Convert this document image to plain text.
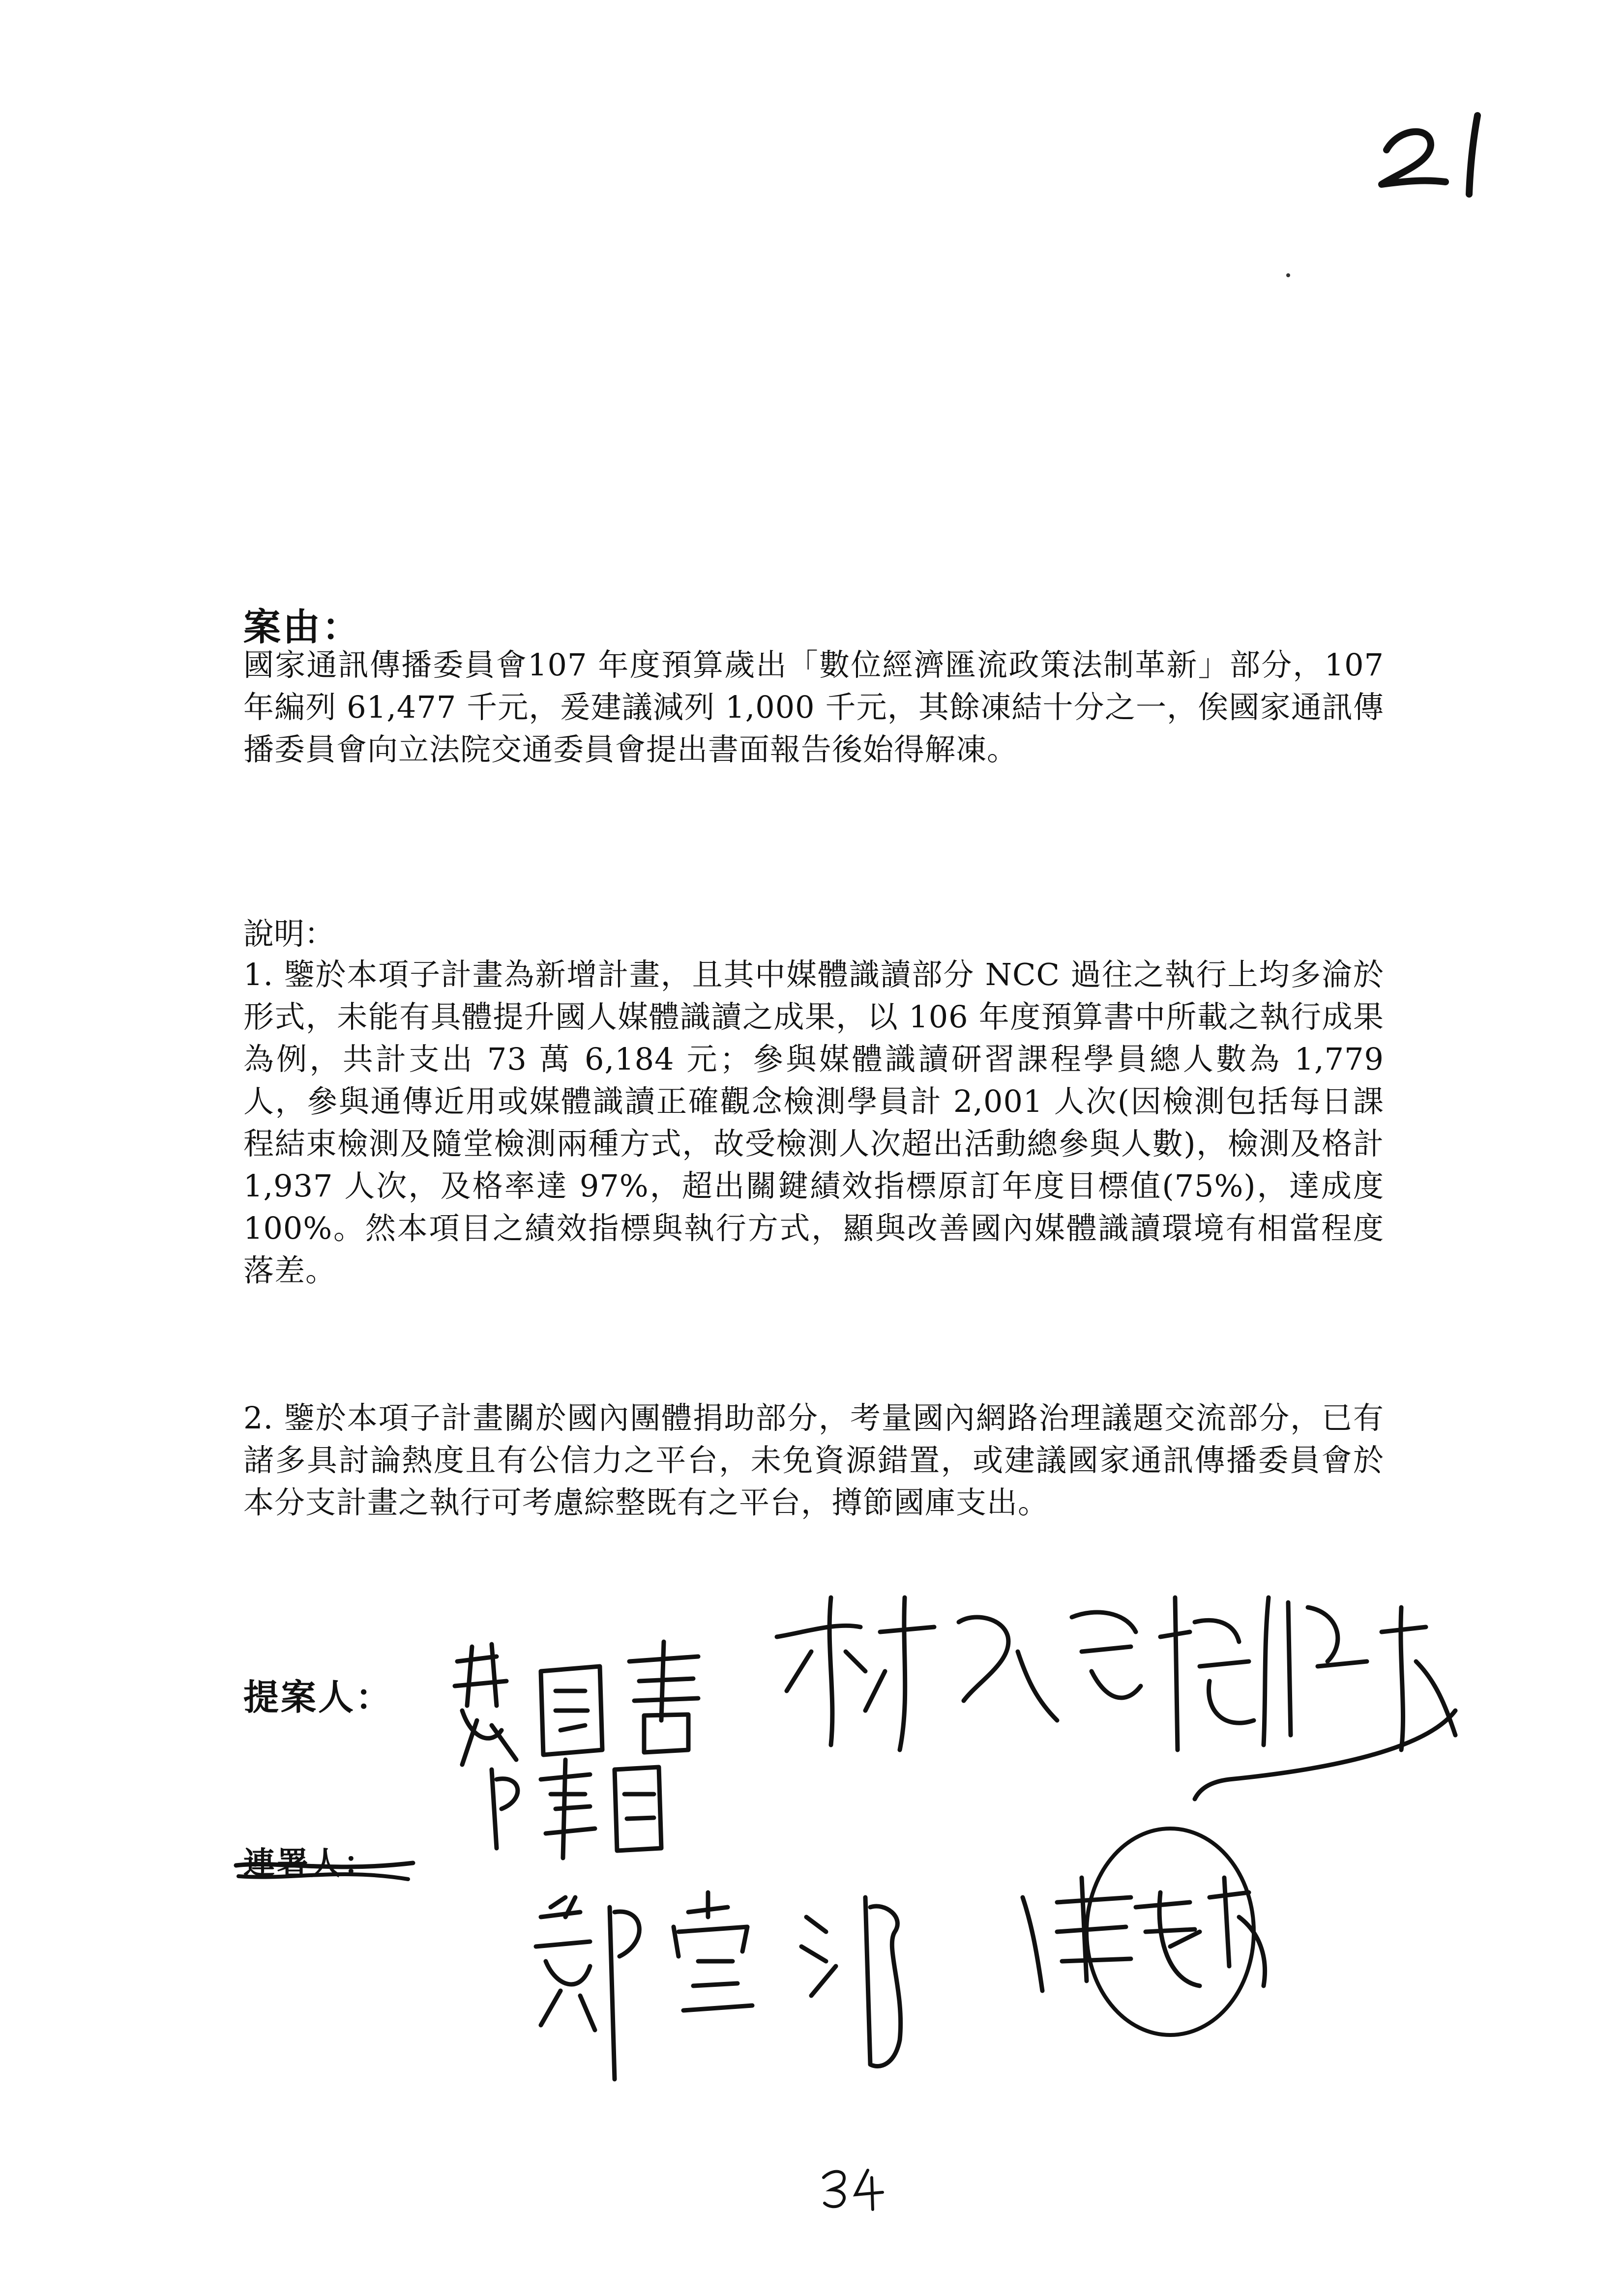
案由：

國家通訊傳播委員會107 年度預算歲出「數位經濟匯流政策法制革新」部分，107 年編列 61,477 千元，爰建議減列 1,000 千元，其餘凍結十分之一，俟國家通訊傳播委員會向立法院交通委員會提出書面報告後始得解凍。

說明：

1. 鑒於本項子計畫為新增計畫，且其中媒體識讀部分 NCC 過往之執行上均多淪於形式，未能有具體提升國人媒體識讀之成果，以 106 年度預算書中所載之執行成果為例，共計支出 73 萬 6,184 元；參與媒體識讀研習課程學員總人數為 1,779 人，參與通傳近用或媒體識讀正確觀念檢測學員計 2,001 人次(因檢測包括每日課程結束檢測及隨堂檢測兩種方式，故受檢測人次超出活動總參與人數)，檢測及格計 1,937 人次，及格率達 97%，超出關鍵績效指標原訂年度目標值(75%)，達成度 100%。然本項目之績效指標與執行方式，顯與改善國內媒體識讀環境有相當程度落差。

2. 鑒於本項子計畫關於國內團體捐助部分，考量國內網路治理議題交流部分，已有諸多具討論熱度且有公信力之平台，未免資源錯置，或建議國家通訊傳播委員會於本分支計畫之執行可考慮綜整既有之平台，撙節國庫支出。

提案人：

連署人：
